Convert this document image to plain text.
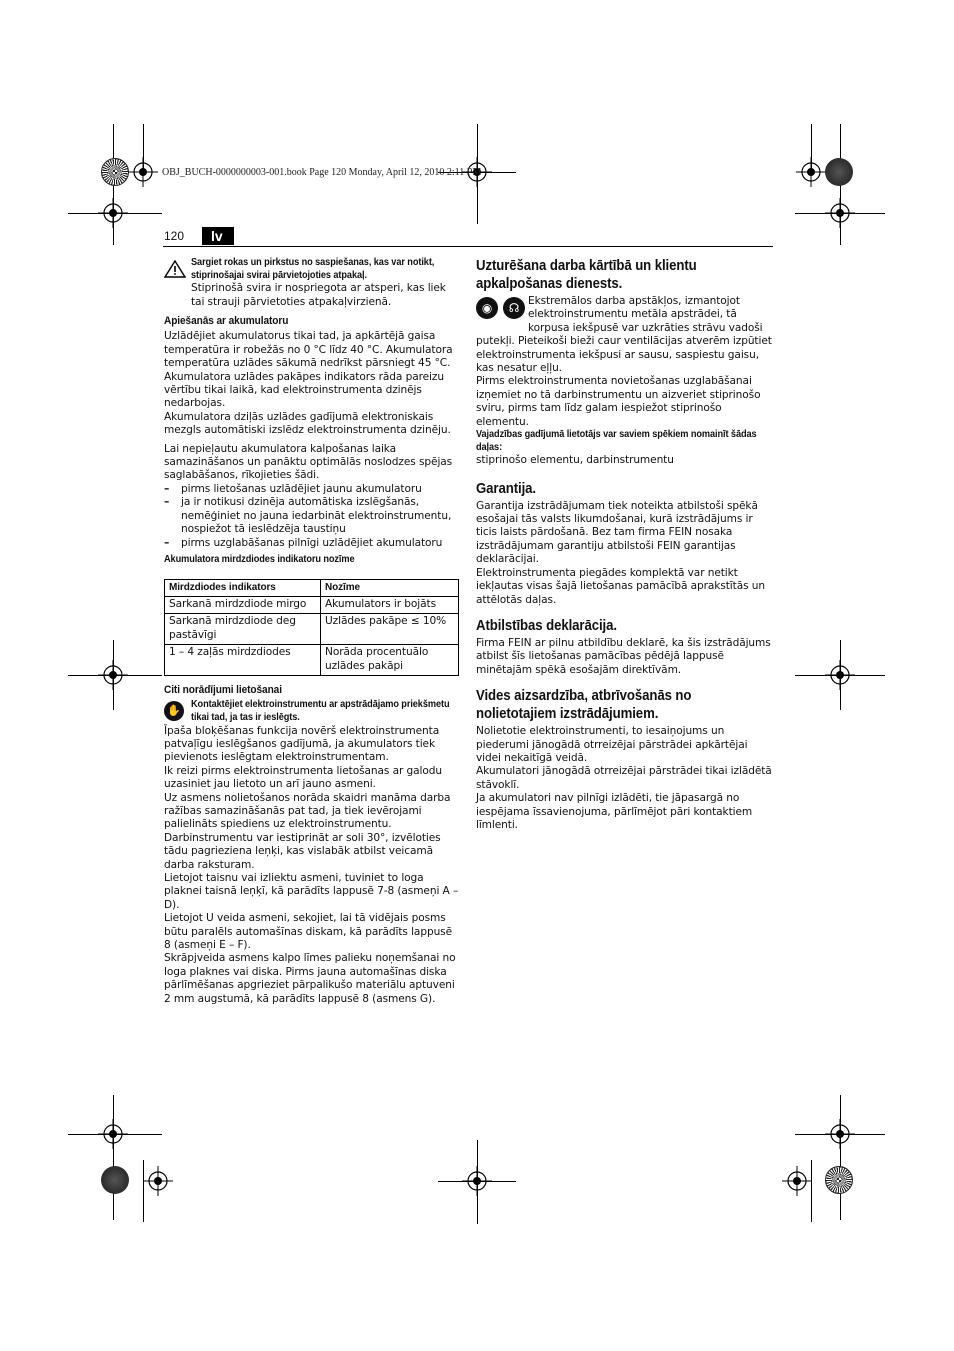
OBJ_BUCH-0000000003-001.book Page 120 Monday, April 12, 2010 2:11 PM
120	lv

Sargiet rokas un pirkstus no saspiešanas, kas var notikt, stiprinošajai svirai pārvietojoties atpakaļ.

Stiprinošā svira ir nospriegota ar atsperi, kas liek tai strauji pārvietoties atpakaļvirzienā.

Apiešanās ar akumulatoru

Uzlādējiet akumulatorus tikai tad, ja apkārtējā gaisa temperatūra ir robežās no 0 °C līdz 40 °C. Akumulatora temperatūra uzlādes sākumā nedrīkst pārsniegt 45 °C.

Akumulatora uzlādes pakāpes indikators rāda pareizu vērtību tikai laikā, kad elektroinstrumenta dzinējs nedarbojas.

Akumulatora dziļās uzlādes gadījumā elektroniskais mezgls automātiski izslēdz elektroinstrumenta dzinēju.

Lai nepieļautu akumulatora kalpošanas laika samazināšanos un panāktu optimālās noslodzes spējas saglabāšanos, rīkojieties šādi.

– pirms lietošanas uzlādējiet jaunu akumulatoru
– ja ir notikusi dzinēja automātiska izslēgšanās, nemēģiniet no jauna iedarbināt elektroinstrumentu, nospiežot tā ieslēdzēja taustiņu
– pirms uzglabāšanas pilnīgi uzlādējiet akumulatoru

Akumulatora mirdzdiodes indikatoru nozīme

Mirdzdiodes indikators	Nozīme
Sarkanā mirdzdiode mirgo	Akumulators ir bojāts
Sarkanā mirdzdiode deg pastāvīgi	Uzlādes pakāpe ≤ 10%
1 – 4 zaļās mirdzdiodes	Norāda procentuālo uzlādes pakāpi

Citi norādījumi lietošanai

✋	Kontaktējiet elektroinstrumentu ar apstrādājamo priekšmetu tikai tad, ja tas ir ieslēgts.

Īpaša bloķēšanas funkcija novērš elektroinstrumenta patvaļīgu ieslēgšanos gadījumā, ja akumulators tiek pievienots ieslēgtam elektroinstrumentam.

Ik reizi pirms elektroinstrumenta lietošanas ar galodu uzasiniet jau lietoto un arī jauno asmeni.

Uz asmens nolietošanos norāda skaidri manāma darba ražības samazināšanās pat tad, ja tiek ievērojami palielināts spiediens uz elektroinstrumentu.

Darbinstrumentu var iestiprināt ar soli 30°, izvēloties tādu pagrieziena leņķi, kas vislabāk atbilst veicamā darba raksturam.

Lietojot taisnu vai izliektu asmeni, tuviniet to loga plaknei taisnā leņķī, kā parādīts lappusē 7-8 (asmeņi A – D).

Lietojot U veida asmeni, sekojiet, lai tā vidējais posms būtu paralēls automašīnas diskam, kā parādīts lappusē 8 (asmeņi E – F).

Skrāpjveida asmens kalpo līmes palieku noņemšanai no loga plaknes vai diska. Pirms jauna automašīnas diska pārlīmēšanas apgrieziet pārpalikušo materiālu aptuveni 2 mm augstumā, kā parādīts lappusē 8 (asmens G).

Uzturēšana darba kārtībā un klientu apkalpošanas dienests.

◉	☊ Ekstremālos darba apstākļos, izmantojot elektroinstrumentu metāla apstrādei, tā korpusa iekšpusē var uzkrāties strāvu vadoši putekļi. Pieteikoši bieži caur ventilācijas atverēm izpūtiet elektroinstrumenta iekšpusi ar sausu, saspiestu gaisu, kas nesatur eļļu.

Pirms elektroinstrumenta novietošanas uzglabāšanai izņemiet no tā darbinstrumentu un aizveriet stiprinošo sviru, pirms tam līdz galam iespiežot stiprinošo elementu.

Vajadzības gadījumā lietotājs var saviem spēkiem nomainīt šādas daļas:

stiprinošo elementu, darbinstrumentu

Garantija.

Garantija izstrādājumam tiek noteikta atbilstoši spēkā esošajai tās valsts likumdošanai, kurā izstrādājums ir ticis laists pārdošanā. Bez tam firma FEIN nosaka izstrādājumam garantiju atbilstoši FEIN garantijas deklarācijai.

Elektroinstrumenta piegādes komplektā var netikt iekļautas visas šajā lietošanas pamācībā aprakstītās un attēlotās daļas.

Atbilstības deklarācija.

Firma FEIN ar pilnu atbildību deklarē, ka šis izstrādājums atbilst šīs lietošanas pamācības pēdējā lappusē minētajām spēkā esošajām direktīvām.

Vides aizsardzība, atbrīvošanās no nolietotajiem izstrādājumiem.

Nolietotie elektroinstrumenti, to iesaiņojums un piederumi jānogādā otrreizējai pārstrādei apkārtējai videi nekaitīgā veidā.

Akumulatori jānogādā otrreizējai pārstrādei tikai izlādētā stāvoklī.

Ja akumulatori nav pilnīgi izlādēti, tie jāpasargā no iespējama īssavienojuma, pārlīmējot pāri kontaktiem līmlenti.
